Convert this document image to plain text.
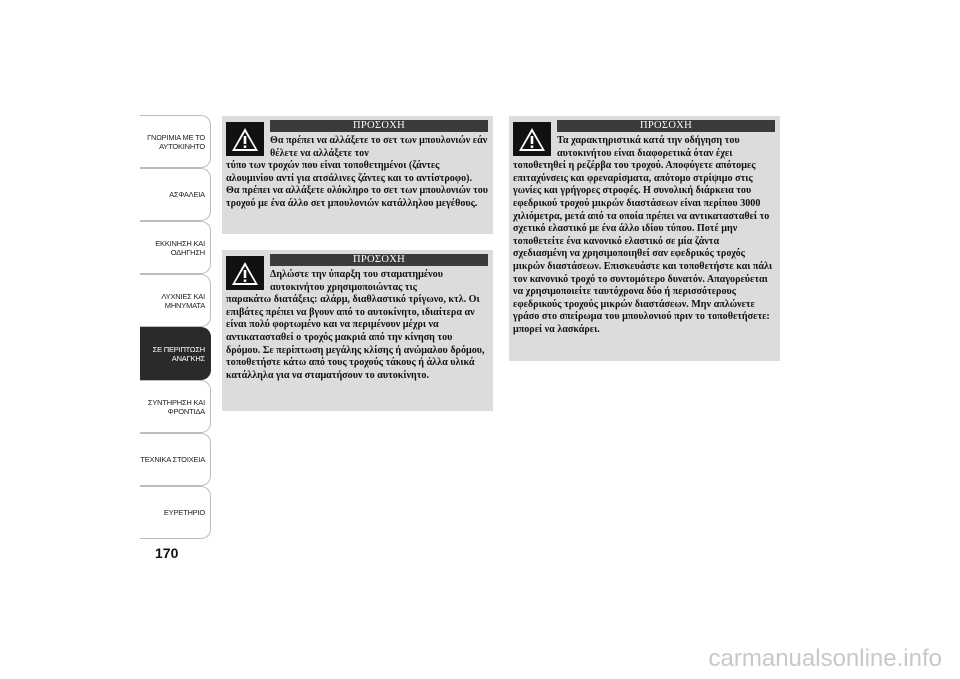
ΓΝΩΡΙΜΙΑ ΜΕ ΤΟ
ΑΥΤΟΚΙΝΗΤΟ
ΑΣΦΑΛΕΙΑ
ΕΚΚΙΝΗΣΗ ΚΑΙ
ΟΔΗΓΗΣΗ
ΛΥΧΝΙΕΣ ΚΑΙ
ΜΗΝΥΜΑΤΑ
ΣΕ ΠΕΡΙΠΤΩΣΗ
ΑΝΑΓΚΗΣ
ΣΥΝΤΗΡΗΣΗ ΚΑΙ
ΦΡΟΝΤΙΔΑ
ΤΕΧΝΙΚΑ ΣΤΟΙΧΕΙΑ
ΕΥΡΕΤΗΡΙΟ
170
ΠΡΟΣΟΧΗ
Θα πρέπει να αλλάξετε το σετ των μπουλονιών εάν θέλετε να αλλάξετε τον
τύπο των τροχών που είναι τοποθετημένοι (ζάντες αλουμινίου αντί για ατσάλινες ζάντες και το αντίστροφο). Θα πρέπει να αλλάξετε ολόκληρο το σετ των μπουλονιών του τροχού με ένα άλλο σετ μπουλονιών κατάλληλου μεγέθους.
ΠΡΟΣΟΧΗ
Δηλώστε την ύπαρξη του σταματημένου αυτοκινήτου χρησιμοποιώντας τις
παρακάτω διατάξεις: αλάρμ, διαθλαστικό τρίγωνο, κτλ. Οι επιβάτες πρέπει να βγουν από το αυτοκίνητο, ιδιαίτερα αν είναι πολύ φορτωμένο και να περιμένουν μέχρι να αντικατασταθεί ο τροχός μακριά από την κίνηση του δρόμου. Σε περίπτωση μεγάλης κλίσης ή ανώμαλου δρόμου, τοποθετήστε κάτω από τους τροχούς τάκους ή άλλα υλικά κατάλληλα για να σταματήσουν το αυτοκίνητο.
ΠΡΟΣΟΧΗ
Τα χαρακτηριστικά κατά την οδήγηση του αυτοκινήτου είναι διαφορετικά όταν έχει
τοποθετηθεί η ρεζέρβα του τροχού. Αποφύγετε απότομες επιταχύνσεις και φρεναρίσματα, απότομο στρίψιμο στις γωνίες και γρήγορες στροφές. Η συνολική διάρκεια του εφεδρικού τροχού μικρών διαστάσεων είναι περίπου 3000 χιλιόμετρα, μετά από τα οποία πρέπει να αντικατασταθεί το σχετικό ελαστικό με ένα άλλο ιδίου τύπου. Ποτέ μην τοποθετείτε ένα κανονικό ελαστικό σε μία ζάντα σχεδιασμένη να χρησιμοποιηθεί σαν εφεδρικός τροχός μικρών διαστάσεων. Επισκευάστε και τοποθετήστε και πάλι τον κανονικό τροχό το συντομότερο δυνατόν. Απαγορεύεται να χρησιμοποιείτε ταυτόχρονα δύο ή περισσότερους εφεδρικούς τροχούς μικρών διαστάσεων. Μην απλώνετε γράσο στο σπείρωμα του μπουλονιού πριν το τοποθετήσετε: μπορεί να λασκάρει.
carmanualsonline.info
